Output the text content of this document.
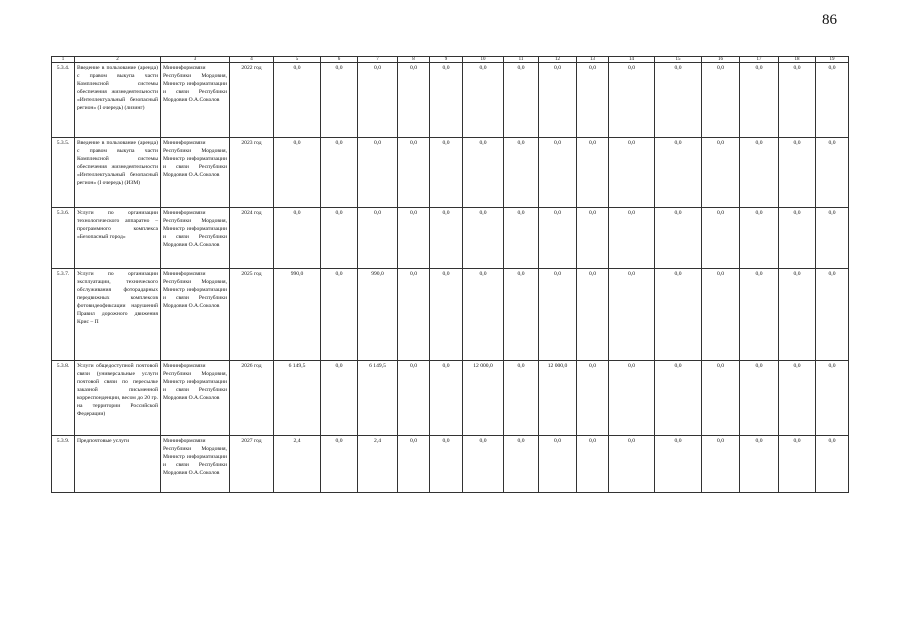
86
1	2	3	4	5	6	7	8	9	10	11	12	13	14	15	16	17	18	19
5.3.4.	Введение в пользование (аренда) с правом выкупа части Комплексной системы обеспечения жизнедеятельности «Интеллектуальный безопасный регион» (I очередь) (лизинг)	Мининформсвязи Республики Мордовия, Министр информатизации и связи Республики Мордовия О.А.Соколов	2022 год	0,0	0,0	0,0	0,0	0,0	0,0	0,0	0,0	0,0	0,0	0,0	0,0	0,0	0,0	0,0
5.3.5.	Введение в пользование (аренда) с правом выкупа части Комплексной системы обеспечения жизнедеятельности «Интеллектуальный безопасный регион» (I очередь) (ИЗМ)	Мининформсвязи Республики Мордовия, Министр информатизации и связи Республики Мордовия О.А.Соколов	2023 год	0,0	0,0	0,0	0,0	0,0	0,0	0,0	0,0	0,0	0,0	0,0	0,0	0,0	0,0	0,0
5.3.6.	Услуги по организации технологического аппаратно – программного комплекса «Безопасный город»	Мининформсвязи Республики Мордовия, Министр информатизации и связи Республики Мордовия О.А.Соколов	2024 год	0,0	0,0	0,0	0,0	0,0	0,0	0,0	0,0	0,0	0,0	0,0	0,0	0,0	0,0	0,0
5.3.7.	Услуги по организации эксплуатации, технического обслуживания фоторадарных передвижных комплексов фотовидеофиксации нарушений Правил дорожного движения Крис – П	Мининформсвязи Республики Мордовия, Министр информатизации и связи Республики Мордовия О.А.Соколов	2025 год	990,0	0,0	990,0	0,0	0,0	0,0	0,0	0,0	0,0	0,0	0,0	0,0	0,0	0,0	0,0
5.3.8.	Услуги общедоступной почтовой связи (универсальные услуги почтовой связи по пересылке заказной письменной корреспонденции, весом до 20 гр. на территории Российской Федерации)	Мининформсвязи Республики Мордовия, Министр информатизации и связи Республики Мордовия О.А.Соколов	2026 год	6 149,5	0,0	6 149,5	0,0	0,0	12 000,0	0,0	12 000,0	0,0	0,0	0,0	0,0	0,0	0,0	0,0
5.3.9.	Предпочтовые услуги	Мининформсвязи Республики Мордовия, Министр информатизации и связи Республики Мордовия О.А.Соколов	2027 год	2,4	0,0	2,4	0,0	0,0	0,0	0,0	0,0	0,0	0,0	0,0	0,0	0,0	0,0	0,0
